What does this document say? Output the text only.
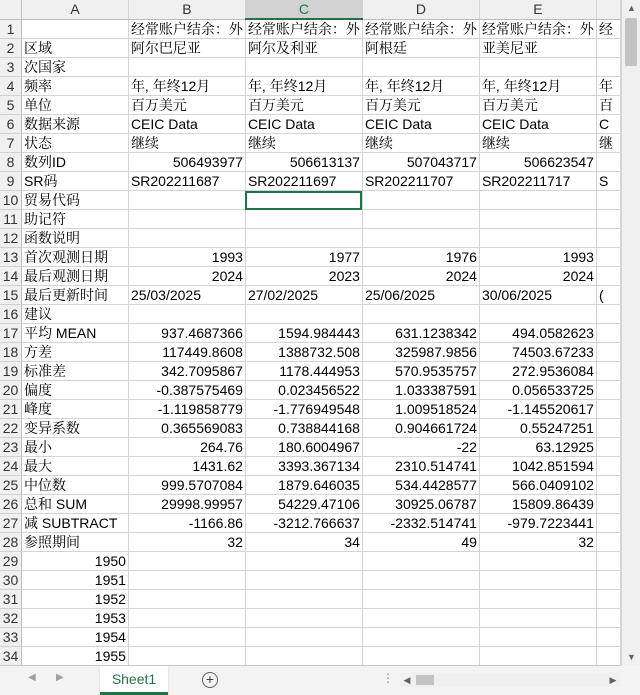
	A	B	C	D	E	
1		经常账户结余：外	经常账户结余：外	经常账户结余：外	经常账户结余：外	经
2	区域	阿尔巴尼亚	阿尔及利亚	阿根廷	亚美尼亚	
3	次国家					
4	频率	年, 年终12月	年, 年终12月	年, 年终12月	年, 年终12月	年
5	单位	百万美元	百万美元	百万美元	百万美元	百
6	数据来源	CEIC Data	CEIC Data	CEIC Data	CEIC Data	C
7	状态	继续	继续	继续	继续	继
8	数列ID	506493977	506613137	507043717	506623547	
9	SR码	SR202211687	SR202211697	SR202211707	SR202211717	S
10	贸易代码					
11	助记符					
12	函数说明					
13	首次观测日期	1993	1977	1976	1993	
14	最后观测日期	2024	2023	2024	2024	
15	最后更新时间	25/03/2025	27/02/2025	25/06/2025	30/06/2025	(
16	建议					
17	平均 MEAN	937.4687366	1594.984443	631.1238342	494.0582623	
18	方差	117449.8608	1388732.508	325987.9856	74503.67233	
19	标准差	342.7095867	1178.444953	570.9535757	272.9536084	
20	偏度	-0.387575469	0.023456522	1.033387591	0.056533725	
21	峰度	-1.119858779	-1.776949548	1.009518524	-1.145520617	
22	变异系数	0.365569083	0.738844168	0.904661724	0.55247251	
23	最小	264.76	180.6004967	-22	63.12925	
24	最大	1431.62	3393.367134	2310.514741	1042.851594	
25	中位数	999.5707084	1879.646035	534.4428577	566.0409102	
26	总和 SUM	29998.99957	54229.47106	30925.06787	15809.86439	
27	减 SUBTRACT	-1166.86	-3212.766637	-2332.514741	-979.7223441	
28	参照期间	32	34	49	32	
29	1950					
30	1951					
31	1952					
32	1953					
33	1954					
34	1955					
▲
▼
◀ ▶	Sheet1	+	⋮	◀	▶
